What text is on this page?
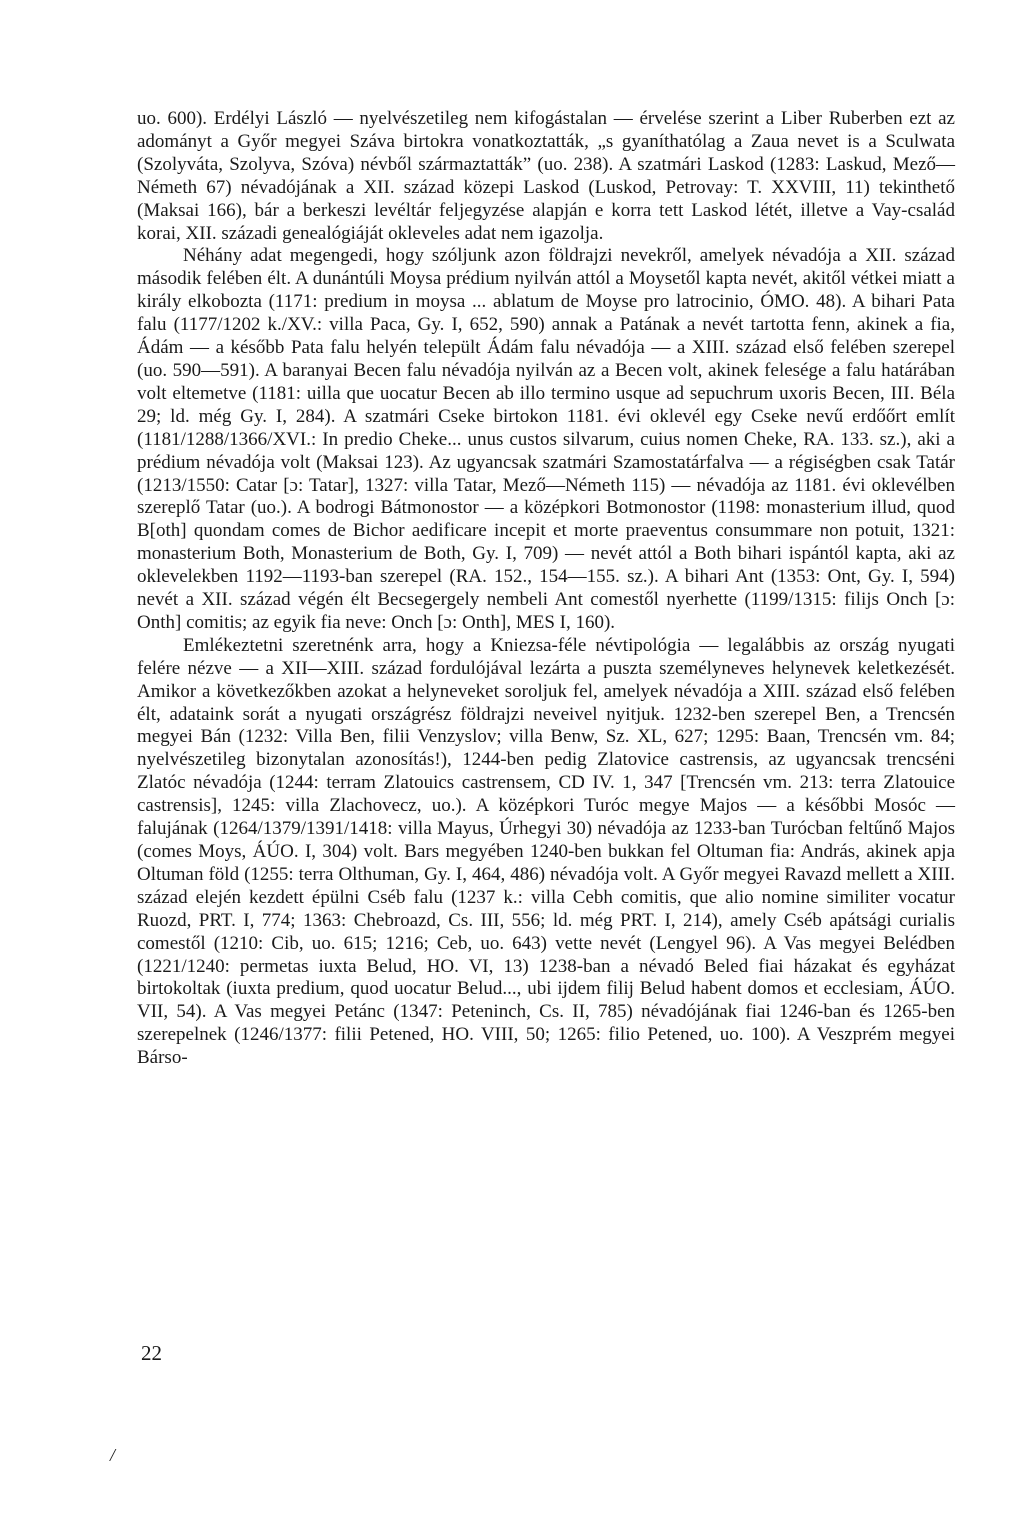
uo. 600). Erdélyi László — nyelvészetileg nem kifogástalan — érvelése szerint a Liber Ruberben ezt az adományt a Győr megyei Száva birtokra vonatkoztatták, „s gyaníthatólag a Zaua nevet is a Sculwata (Szolyváta, Szolyva, Szóva) névből származtatták” (uo. 238). A szatmári Laskod (1283: Laskud, Mező—Németh 67) névadójának a XII. század közepi Laskod (Luskod, Petrovay: T. XXVIII, 11) tekinthető (Maksai 166), bár a berkeszi levéltár feljegyzése alapján e korra tett Laskod létét, illetve a Vay-család korai, XII. századi genealógiáját okleveles adat nem igazolja.

Néhány adat megengedi, hogy szóljunk azon földrajzi nevekről, amelyek névadója a XII. század második felében élt. A dunántúli Moysa prédium nyilván attól a Moysetől kapta nevét, akitől vétkei miatt a király elkobozta (1171: predium in moysa ... ablatum de Moyse pro latrocinio, ÓMO. 48). A bihari Pata falu (1177/1202 k./XV.: villa Paca, Gy. I, 652, 590) annak a Patának a nevét tartotta fenn, akinek a fia, Ádám — a később Pata falu helyén települt Ádám falu névadója — a XIII. század első felében szerepel (uo. 590—591). A baranyai Becen falu névadója nyilván az a Becen volt, akinek felesége a falu határában volt eltemetve (1181: uilla que uocatur Becen ab illo termino usque ad sepuchrum uxoris Becen, III. Béla 29; ld. még Gy. I, 284). A szatmári Cseke birtokon 1181. évi oklevél egy Cseke nevű erdőőrt említ (1181/1288/1366/XVI.: In predio Cheke... unus custos silvarum, cuius nomen Cheke, RA. 133. sz.), aki a prédium névadója volt (Maksai 123). Az ugyancsak szatmári Szamostatárfalva — a régiségben csak Tatár (1213/1550: Catar [ɔ: Tatar], 1327: villa Tatar, Mező—Németh 115) — névadója az 1181. évi oklevélben szereplő Tatar (uo.). A bodrogi Bátmonostor — a középkori Botmonostor (1198: monasterium illud, quod B[oth] quondam comes de Bichor aedificare incepit et morte praeventus consummare non potuit, 1321: monasterium Both, Monasterium de Both, Gy. I, 709) — nevét attól a Both bihari ispántól kapta, aki az oklevelekben 1192—1193-ban szerepel (RA. 152., 154—155. sz.). A bihari Ant (1353: Ont, Gy. I, 594) nevét a XII. század végén élt Becsegergely nembeli Ant comestől nyerhette (1199/1315: filijs Onch [ɔ: Onth] comitis; az egyik fia neve: Onch [ɔ: Onth], MES I, 160).

Emlékeztetni szeretnénk arra, hogy a Kniezsa-féle névtipológia — legalábbis az ország nyugati felére nézve — a XII—XIII. század fordulójával lezárta a puszta személyneves helynevek keletkezését. Amikor a következőkben azokat a helyneveket soroljuk fel, amelyek névadója a XIII. század első felében élt, adataink sorát a nyugati országrész földrajzi neveivel nyitjuk. 1232-ben szerepel Ben, a Trencsén megyei Bán (1232: Villa Ben, filii Venzyslov; villa Benw, Sz. XL, 627; 1295: Baan, Trencsén vm. 84; nyelvészetileg bizonytalan azonosítás!), 1244-ben pedig Zlatovice castrensis, az ugyancsak trencséni Zlatóc névadója (1244: terram Zlatouics castrensem, CD IV. 1, 347 [Trencsén vm. 213: terra Zlatouice castrensis], 1245: villa Zlachovecz, uo.). A középkori Turóc megye Majos — a későbbi Mosóc — falujának (1264/1379/1391/1418: villa Mayus, Úrhegyi 30) névadója az 1233-ban Turócban feltűnő Majos (comes Moys, ÁÚO. I, 304) volt. Bars megyében 1240-ben bukkan fel Oltuman fia: András, akinek apja Oltuman föld (1255: terra Olthuman, Gy. I, 464, 486) névadója volt. A Győr megyei Ravazd mellett a XIII. század elején kezdett épülni Cséb falu (1237 k.: villa Cebh comitis, que alio nomine similiter vocatur Ruozd, PRT. I, 774; 1363: Chebroazd, Cs. III, 556; ld. még PRT. I, 214), amely Cséb apátsági curialis comestől (1210: Cib, uo. 615; 1216; Ceb, uo. 643) vette nevét (Lengyel 96). A Vas megyei Belédben (1221/1240: permetas iuxta Belud, HO. VI, 13) 1238-ban a névadó Beled fiai házakat és egyházat birtokoltak (iuxta predium, quod uocatur Belud..., ubi ijdem filij Belud habent domos et ecclesiam, ÁÚO. VII, 54). A Vas megyei Petánc (1347: Peteninch, Cs. II, 785) névadójának fiai 1246-ban és 1265-ben szerepelnek (1246/1377: filii Petened, HO. VIII, 50; 1265: filio Petened, uo. 100). A Veszprém megyei Bárso-

22
/
